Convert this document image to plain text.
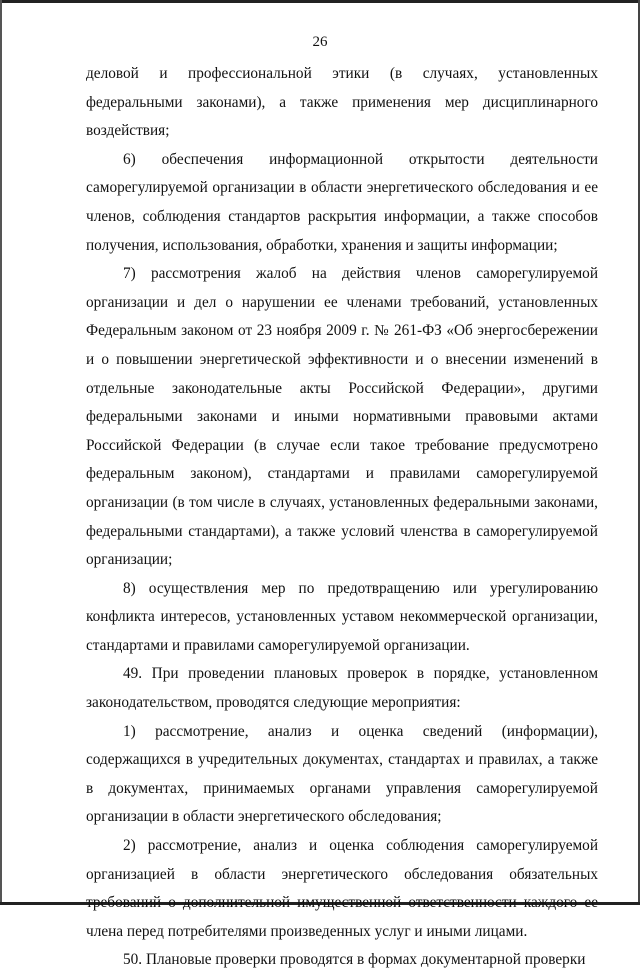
26

деловой и профессиональной этики (в случаях, установленных федеральными законами), а также применения мер дисциплинарного воздействия;

6) обеспечения информационной открытости деятельности саморегулируемой организации в области энергетического обследования и ее членов, соблюдения стандартов раскрытия информации, а также способов получения, использования, обработки, хранения и защиты информации;

7) рассмотрения жалоб на действия членов саморегулируемой организации и дел о нарушении ее членами требований, установленных Федеральным законом от 23 ноября 2009 г. № 261-ФЗ «Об энергосбережении и о повышении энергетической эффективности и о внесении изменений в отдельные законодательные акты Российской Федерации», другими федеральными законами и иными нормативными правовыми актами Российской Федерации (в случае если такое требование предусмотрено федеральным законом), стандартами и правилами саморегулируемой организации (в том числе в случаях, установленных федеральными законами, федеральными стандартами), а также условий членства в саморегулируемой организации;

8) осуществления мер по предотвращению или урегулированию конфликта интересов, установленных уставом некоммерческой организации, стандартами и правилами саморегулируемой организации.

49. При проведении плановых проверок в порядке, установленном законодательством, проводятся следующие мероприятия:

1) рассмотрение, анализ и оценка сведений (информации), содержащихся в учредительных документах, стандартах и правилах, а также в документах, принимаемых органами управления саморегулируемой организации в области энергетического обследования;

2) рассмотрение, анализ и оценка соблюдения саморегулируемой организацией в области энергетического обследования обязательных требований о дополнительной имущественной ответственности каждого ее члена перед потребителями произведенных услуг и иными лицами.

50. Плановые проверки проводятся в формах документарной проверки
